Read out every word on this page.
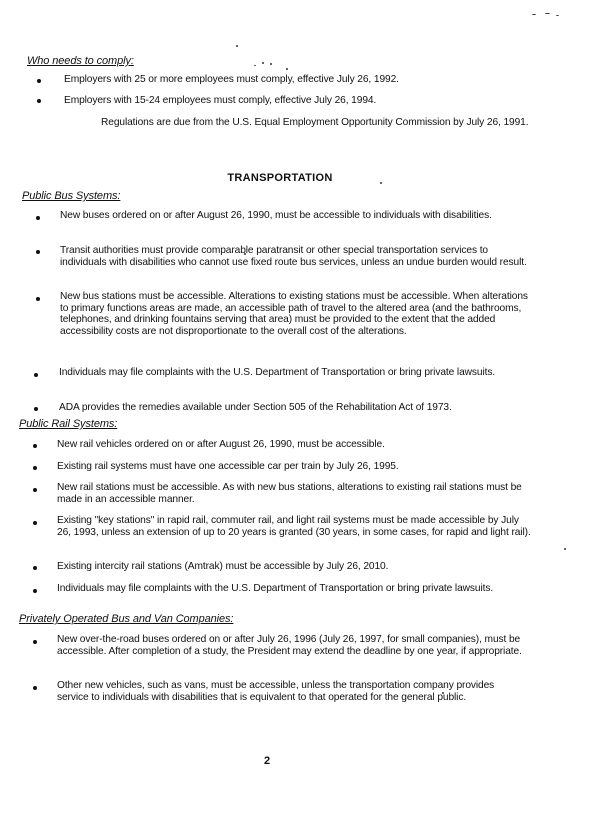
Who needs to comply:
Employers with 25 or more employees must comply, effective July 26, 1992.
Employers with 15-24 employees must comply, effective July 26, 1994.
Regulations are due from the U.S. Equal Employment Opportunity Commission by July 26, 1991.
TRANSPORTATION
Public Bus Systems:
New buses ordered on or after August 26, 1990, must be accessible to individuals with disabilities.
Transit authorities must provide comparable paratransit or other special transportation services to individuals with disabilities who cannot use fixed route bus services, unless an undue burden would result.
New bus stations must be accessible. Alterations to existing stations must be accessible. When alterations to primary functions areas are made, an accessible path of travel to the altered area (and the bathrooms, telephones, and drinking fountains serving that area) must be provided to the extent that the added accessibility costs are not disproportionate to the overall cost of the alterations.
Individuals may file complaints with the U.S. Department of Transportation or bring private lawsuits.
ADA provides the remedies available under Section 505 of the Rehabilitation Act of 1973.
Public Rail Systems:
New rail vehicles ordered on or after August 26, 1990, must be accessible.
Existing rail systems must have one accessible car per train by July 26, 1995.
New rail stations must be accessible. As with new bus stations, alterations to existing rail stations must be made in an accessible manner.
Existing "key stations" in rapid rail, commuter rail, and light rail systems must be made accessible by July 26, 1993, unless an extension of up to 20 years is granted (30 years, in some cases, for rapid and light rail).
Existing intercity rail stations (Amtrak) must be accessible by July 26, 2010.
Individuals may file complaints with the U.S. Department of Transportation or bring private lawsuits.
Privately Operated Bus and Van Companies:
New over-the-road buses ordered on or after July 26, 1996 (July 26, 1997, for small companies), must be accessible. After completion of a study, the President may extend the deadline by one year, if appropriate.
Other new vehicles, such as vans, must be accessible, unless the transportation company provides service to individuals with disabilities that is equivalent to that operated for the general public.
2
